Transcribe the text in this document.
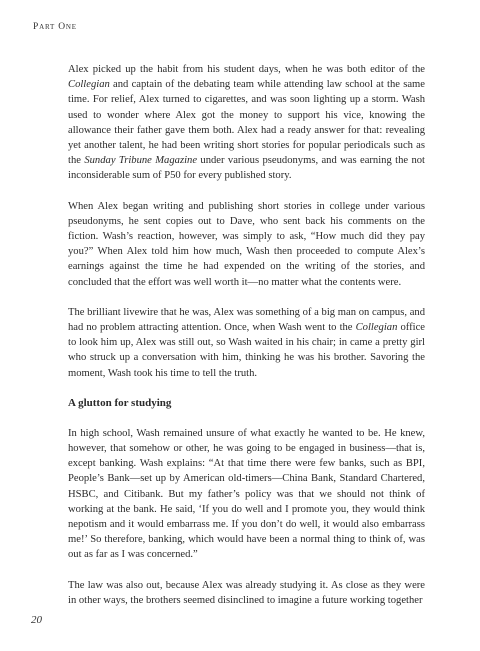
Part One

Alex picked up the habit from his student days, when he was both editor of the Collegian and captain of the debating team while attending law school at the same time. For relief, Alex turned to cigarettes, and was soon lighting up a storm. Wash used to wonder where Alex got the money to support his vice, knowing the allowance their father gave them both. Alex had a ready answer for that: revealing yet another talent, he had been writing short stories for popular periodicals such as the Sunday Tribune Magazine under various pseudonyms, and was earning the not inconsiderable sum of P50 for every published story.

When Alex began writing and publishing short stories in college under various pseudonyms, he sent copies out to Dave, who sent back his comments on the fiction. Wash’s reaction, however, was simply to ask, “How much did they pay you?” When Alex told him how much, Wash then proceeded to compute Alex’s earnings against the time he had expended on the writing of the stories, and concluded that the effort was well worth it—no matter what the contents were.

The brilliant livewire that he was, Alex was something of a big man on campus, and had no problem attracting attention. Once, when Wash went to the Collegian office to look him up, Alex was still out, so Wash waited in his chair; in came a pretty girl who struck up a conversation with him, thinking he was his brother. Savoring the moment, Wash took his time to tell the truth.

A glutton for studying

In high school, Wash remained unsure of what exactly he wanted to be. He knew, however, that somehow or other, he was going to be engaged in business—that is, except banking. Wash explains: “At that time there were few banks, such as BPI, People’s Bank—set up by American old-timers—China Bank, Standard Chartered, HSBC, and Citibank. But my father’s policy was that we should not think of working at the bank. He said, ‘If you do well and I promote you, they would think nepotism and it would embarrass me. If you don’t do well, it would also embarrass me!’ So therefore, banking, which would have been a normal thing to think of, was out as far as I was concerned.”

The law was also out, because Alex was already studying it. As close as they were in other ways, the brothers seemed disinclined to imagine a future working together

20
